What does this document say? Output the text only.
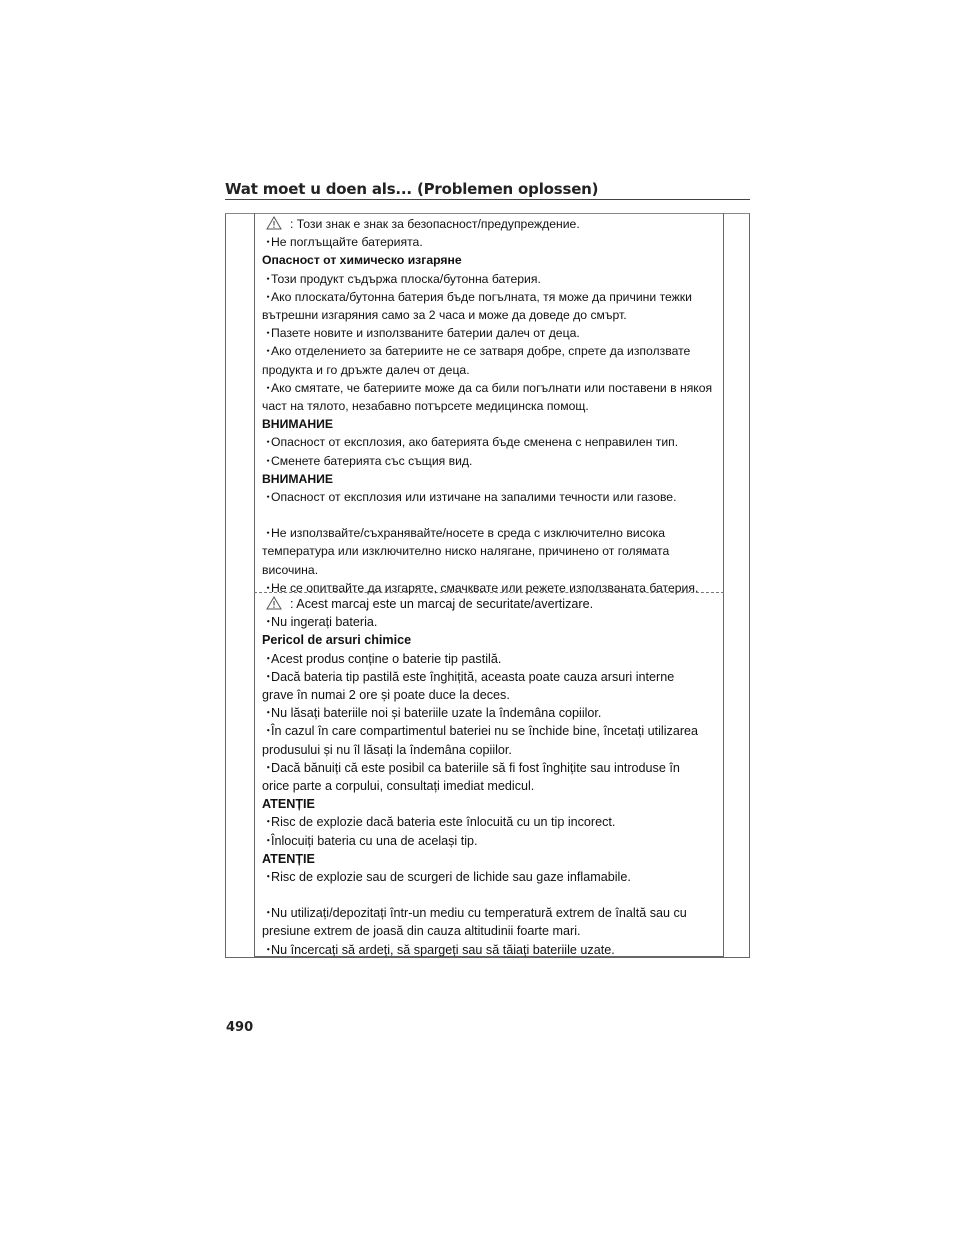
Wat moet u doen als... (Problemen oplossen)
: Този знак е знак за безопасност/предупреждение.
・Не поглъщайте батерията.
Опасност от химическо изгаряне
・Този продукт съдържа плоска/бутонна батерия.
・Ако плоската/бутонна батерия бъде погълната, тя може да причини тежки
вътрешни изгаряния само за 2 часа и може да доведе до смърт.
・Пазете новите и използваните батерии далеч от деца.
・Ако отделението за батериите не се затваря добре, спрете да използвате
продукта и го дръжте далеч от деца.
・Ако смятате, че батериите може да са били погълнати или поставени в някоя
част на тялото, незабавно потърсете медицинска помощ.
ВНИМАНИЕ
・Опасност от експлозия, ако батерията бъде сменена с неправилен тип.
・Сменете батерията със същия вид.
ВНИМАНИЕ
・Опасност от експлозия или изтичане на запалими течности или газове.
・Не използвайте/съхранявайте/носете в среда с изключително висока
температура или изключително ниско налягане, причинено от голямата
височина.
・Не се опитвайте да изгаряте, смачквате или режете използваната батерия.
: Acest marcaj este un marcaj de securitate/avertizare.
・Nu ingerați bateria.
Pericol de arsuri chimice
・Acest produs conține o baterie tip pastilă.
・Dacă bateria tip pastilă este înghițită, aceasta poate cauza arsuri interne
grave în numai 2 ore și poate duce la deces.
・Nu lăsați bateriile noi și bateriile uzate la îndemâna copiilor.
・În cazul în care compartimentul bateriei nu se închide bine, încetați utilizarea
produsului și nu îl lăsați la îndemâna copiilor.
・Dacă bănuiți că este posibil ca bateriile să fi fost înghițite sau introduse în
orice parte a corpului, consultați imediat medicul.
ATENȚIE
・Risc de explozie dacă bateria este înlocuită cu un tip incorect.
・Înlocuiți bateria cu una de același tip.
ATENȚIE
・Risc de explozie sau de scurgeri de lichide sau gaze inflamabile.
・Nu utilizați/depozitați într-un mediu cu temperatură extrem de înaltă sau cu
presiune extrem de joasă din cauza altitudinii foarte mari.
・Nu încercați să ardeți, să spargeți sau să tăiați bateriile uzate.
490
